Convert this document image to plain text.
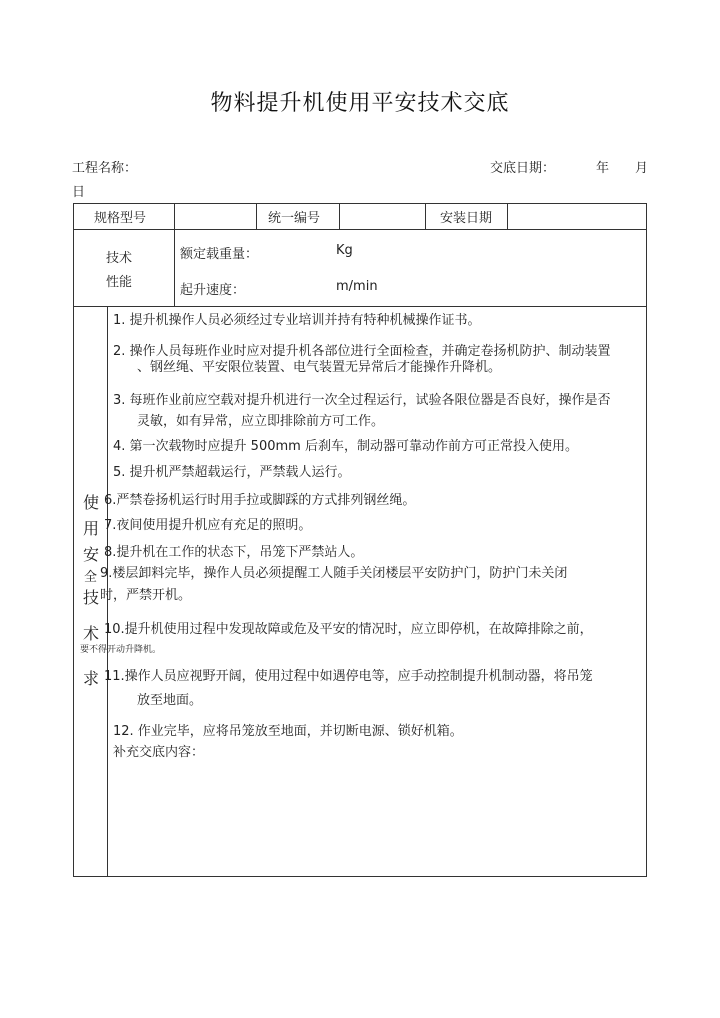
物料提升机使用平安技术交底
工程名称：	交底日期：	年 月
日
规格型号	统一编号	安装日期
技术
性能
额定载重量：	Kg
起升速度：	m/min
使
用
安
全
技
术
求
1. 提升机操作人员必须经过专业培训并持有特种机械操作证书。
2. 操作人员每班作业时应对提升机各部位进行全面检查，并确定卷扬机防护、制动装置
、钢丝绳、平安限位装置、电气装置无异常后才能操作升降机。
3. 每班作业前应空载对提升机进行一次全过程运行，试验各限位器是否良好，操作是否
灵敏，如有异常，应立即排除前方可工作。
4. 第一次载物时应提升 500mm 后刹车，制动器可靠动作前方可正常投入使用。
5. 提升机严禁超载运行，严禁载人运行。
6.严禁卷扬机运行时用手拉或脚踩的方式排列钢丝绳。
7.夜间使用提升机应有充足的照明。
8.提升机在工作的状态下，吊笼下严禁站人。
9.楼层卸料完毕，操作人员必须提醒工人随手关闭楼层平安防护门，防护门未关闭
时，严禁开机。
10.提升机使用过程中发现故障或危及平安的情况时，应立即停机，在故障排除之前，
要不得开动升降机。
11.操作人员应视野开阔，使用过程中如遇停电等，应手动控制提升机制动器，将吊笼
放至地面。
12. 作业完毕，应将吊笼放至地面，并切断电源、锁好机箱。
补充交底内容：
